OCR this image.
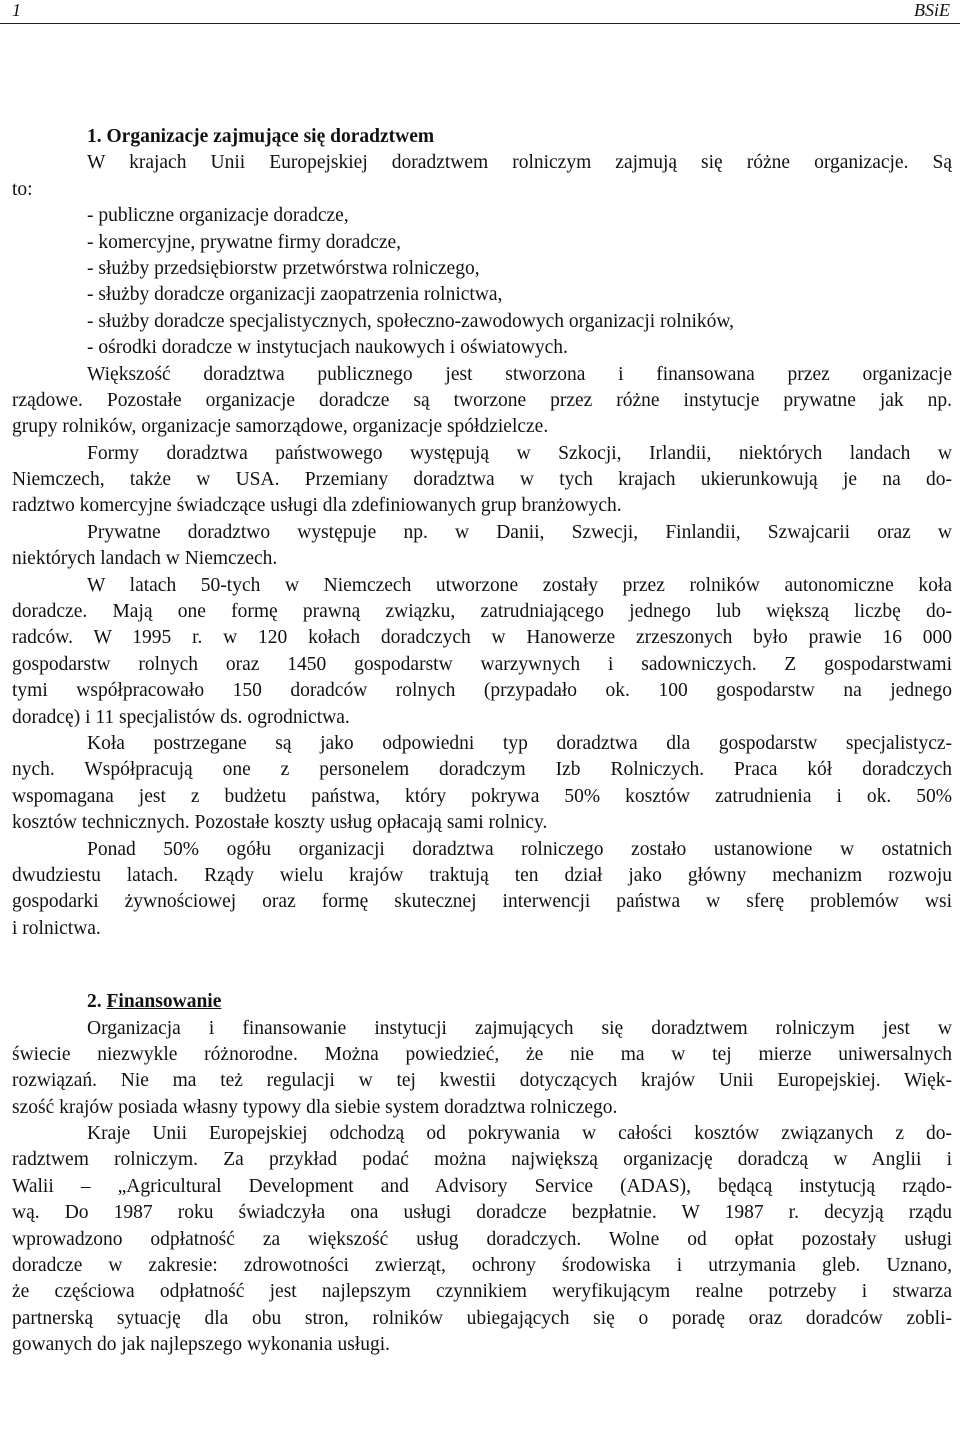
1	BSiE
1. Organizacje zajmujące się doradztwem
W krajach Unii Europejskiej doradztwem rolniczym zajmują się różne organizacje. Są
to:
- publiczne organizacje doradcze,
- komercyjne, prywatne firmy doradcze,
- służby przedsiębiorstw przetwórstwa rolniczego,
- służby doradcze organizacji zaopatrzenia rolnictwa,
- służby doradcze specjalistycznych, społeczno-zawodowych organizacji rolników,
- ośrodki doradcze w instytucjach naukowych i oświatowych.
Większość doradztwa publicznego jest stworzona i finansowana przez organizacje
rządowe. Pozostałe organizacje doradcze są tworzone przez różne instytucje prywatne jak np.
grupy rolników, organizacje samorządowe, organizacje spółdzielcze.
Formy doradztwa państwowego występują w Szkocji, Irlandii, niektórych landach w
Niemczech, także w USA. Przemiany doradztwa w tych krajach ukierunkowują je na do-
radztwo komercyjne świadczące usługi dla zdefiniowanych grup branżowych.
Prywatne doradztwo występuje np. w Danii, Szwecji, Finlandii, Szwajcarii oraz w
niektórych landach w Niemczech.
W latach 50-tych w Niemczech utworzone zostały przez rolników autonomiczne koła
doradcze. Mają one formę prawną związku, zatrudniającego jednego lub większą liczbę do-
radców. W 1995 r. w 120 kołach doradczych w Hanowerze zrzeszonych było prawie 16 000
gospodarstw rolnych oraz 1450 gospodarstw warzywnych i sadowniczych. Z gospodarstwami
tymi współpracowało 150 doradców rolnych (przypadało ok. 100 gospodarstw na jednego
doradcę) i 11 specjalistów ds. ogrodnictwa.
Koła postrzegane są jako odpowiedni typ doradztwa dla gospodarstw specjalistycz-
nych. Współpracują one z personelem doradczym Izb Rolniczych. Praca kół doradczych
wspomagana jest z budżetu państwa, który pokrywa 50% kosztów zatrudnienia i ok. 50%
kosztów technicznych. Pozostałe koszty usług opłacają sami rolnicy.
Ponad 50% ogółu organizacji doradztwa rolniczego zostało ustanowione w ostatnich
dwudziestu latach. Rządy wielu krajów traktują ten dział jako główny mechanizm rozwoju
gospodarki żywnościowej oraz formę skutecznej interwencji państwa w sferę problemów wsi
i rolnictwa.
2. Finansowanie
Organizacja i finansowanie instytucji zajmujących się doradztwem rolniczym jest w
świecie niezwykle różnorodne. Można powiedzieć, że nie ma w tej mierze uniwersalnych
rozwiązań. Nie ma też regulacji w tej kwestii dotyczących krajów Unii Europejskiej. Więk-
szość krajów posiada własny typowy dla siebie system doradztwa rolniczego.
Kraje Unii Europejskiej odchodzą od pokrywania w całości kosztów związanych z do-
radztwem rolniczym. Za przykład podać można największą organizację doradczą w Anglii i
Walii – „Agricultural Development and Advisory Service (ADAS), będącą instytucją rządo-
wą. Do 1987 roku świadczyła ona usługi doradcze bezpłatnie. W 1987 r. decyzją rządu
wprowadzono odpłatność za większość usług doradczych. Wolne od opłat pozostały usługi
doradcze w zakresie: zdrowotności zwierząt, ochrony środowiska i utrzymania gleb. Uznano,
że częściowa odpłatność jest najlepszym czynnikiem weryfikującym realne potrzeby i stwarza
partnerską sytuację dla obu stron, rolników ubiegających się o poradę oraz doradców zobli-
gowanych do jak najlepszego wykonania usługi.
